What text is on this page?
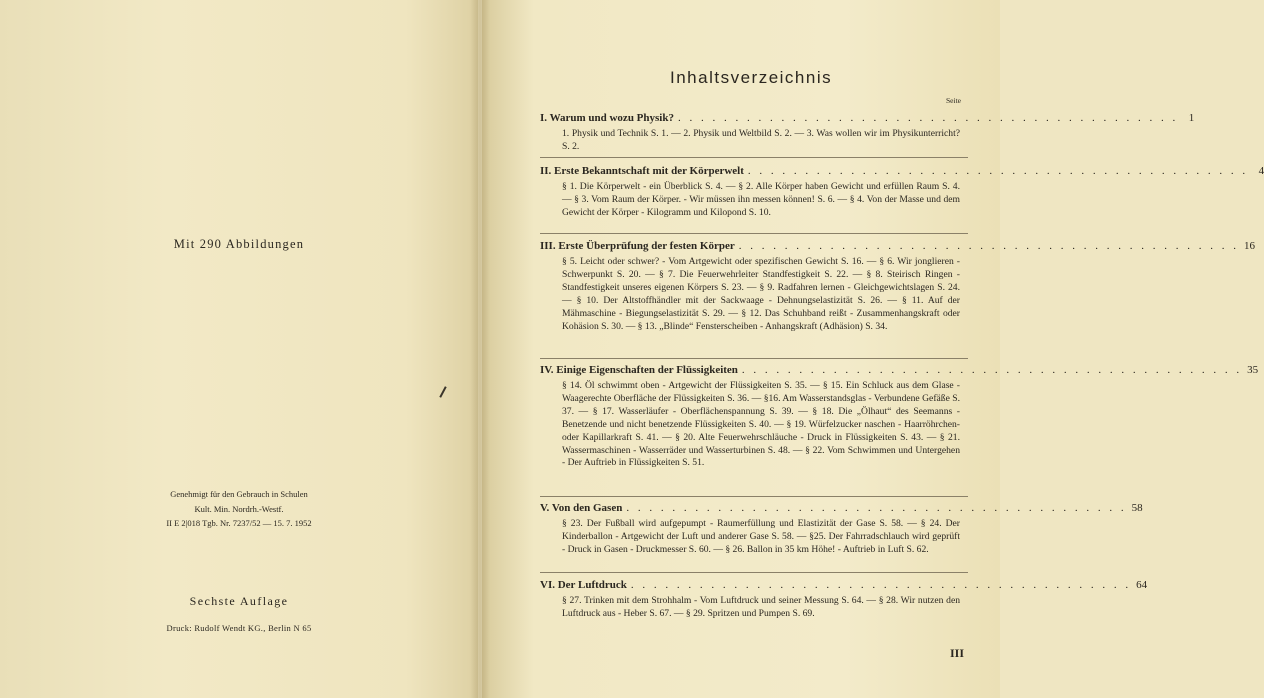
Mit 290 Abbildungen
Genehmigt für den Gebrauch in Schulen
Kult. Min. Nordrh.-Westf.
II E 2|018 Tgb. Nr. 7237/52 — 15. 7. 1952
Sechste Auflage
Druck: Rudolf Wendt KG., Berlin N 65
Inhaltsverzeichnis
Seite
I. Warum und wozu Physik? . . . . . . . . . . . . . . . . . . . . . . . . . . . . . . . . . . . . . . . . . . . . 1
1. Physik und Technik S. 1. — 2. Physik und Weltbild S. 2. — 3. Was wollen wir im Physikunterricht? S. 2.
II. Erste Bekanntschaft mit der Körperwelt . . . . . . . . . . . . . . . . . . . . . . . . . . . . . . . . . . . . . . . . . . . . 4
§ 1. Die Körperwelt - ein Überblick S. 4. — § 2. Alle Körper haben Gewicht und erfüllen Raum S. 4. — § 3. Vom Raum der Körper. - Wir müssen ihn messen können! S. 6. — § 4. Von der Masse und dem Gewicht der Körper - Kilogramm und Kilopond S. 10.
III. Erste Überprüfung der festen Körper . . . . . . . . . . . . . . . . . . . . . . . . . . . . . . . . . . . . . . . . . . . . 16
§ 5. Leicht oder schwer? - Vom Artgewicht oder spezifischen Gewicht S. 16. — § 6. Wir jonglieren - Schwerpunkt S. 20. — § 7. Die Feuerwehrleiter Standfestigkeit S. 22. — § 8. Steirisch Ringen - Standfestigkeit unseres eigenen Körpers S. 23. — § 9. Radfahren lernen - Gleichgewichtslagen S. 24. — § 10. Der Altstoffhändler mit der Sackwaage - Dehnungselastizität S. 26. — § 11. Auf der Mähmaschine - Biegungselastizität S. 29. — § 12. Das Schuhband reißt - Zusammenhangskraft oder Kohäsion S. 30. — § 13. „Blinde“ Fensterscheiben - Anhangskraft (Adhäsion) S. 34.
IV. Einige Eigenschaften der Flüssigkeiten . . . . . . . . . . . . . . . . . . . . . . . . . . . . . . . . . . . . . . . . . . . . 35
§ 14. Öl schwimmt oben - Artgewicht der Flüssigkeiten S. 35. — § 15. Ein Schluck aus dem Glase - Waagerechte Oberfläche der Flüssigkeiten S. 36. — §16. Am Wasserstandsglas - Verbundene Gefäße S. 37. — § 17. Wasserläufer - Oberflächenspannung S. 39. — § 18. Die „Ölhaut“ des Seemanns - Benetzende und nicht benetzende Flüssigkeiten S. 40. — § 19. Würfelzucker naschen - Haarröhrchen- oder Kapillarkraft S. 41. — § 20. Alte Feuerwehrschläuche - Druck in Flüssigkeiten S. 43. — § 21. Wassermaschinen - Wasserräder und Wasserturbinen S. 48. — § 22. Vom Schwimmen und Untergehen - Der Auftrieb in Flüssigkeiten S. 51.
V. Von den Gasen . . . . . . . . . . . . . . . . . . . . . . . . . . . . . . . . . . . . . . . . . . . . 58
§ 23. Der Fußball wird aufgepumpt - Raumerfüllung und Elastizität der Gase S. 58. — § 24. Der Kinderballon - Artgewicht der Luft und anderer Gase S. 58. — §25. Der Fahrradschlauch wird geprüft - Druck in Gasen - Druckmesser S. 60. — § 26. Ballon in 35 km Höhe! - Auftrieb in Luft S. 62.
VI. Der Luftdruck . . . . . . . . . . . . . . . . . . . . . . . . . . . . . . . . . . . . . . . . . . . . 64
§ 27. Trinken mit dem Strohhalm - Vom Luftdruck und seiner Messung S. 64. — § 28. Wir nutzen den Luftdruck aus - Heber S. 67. — § 29. Spritzen und Pumpen S. 69.
III
